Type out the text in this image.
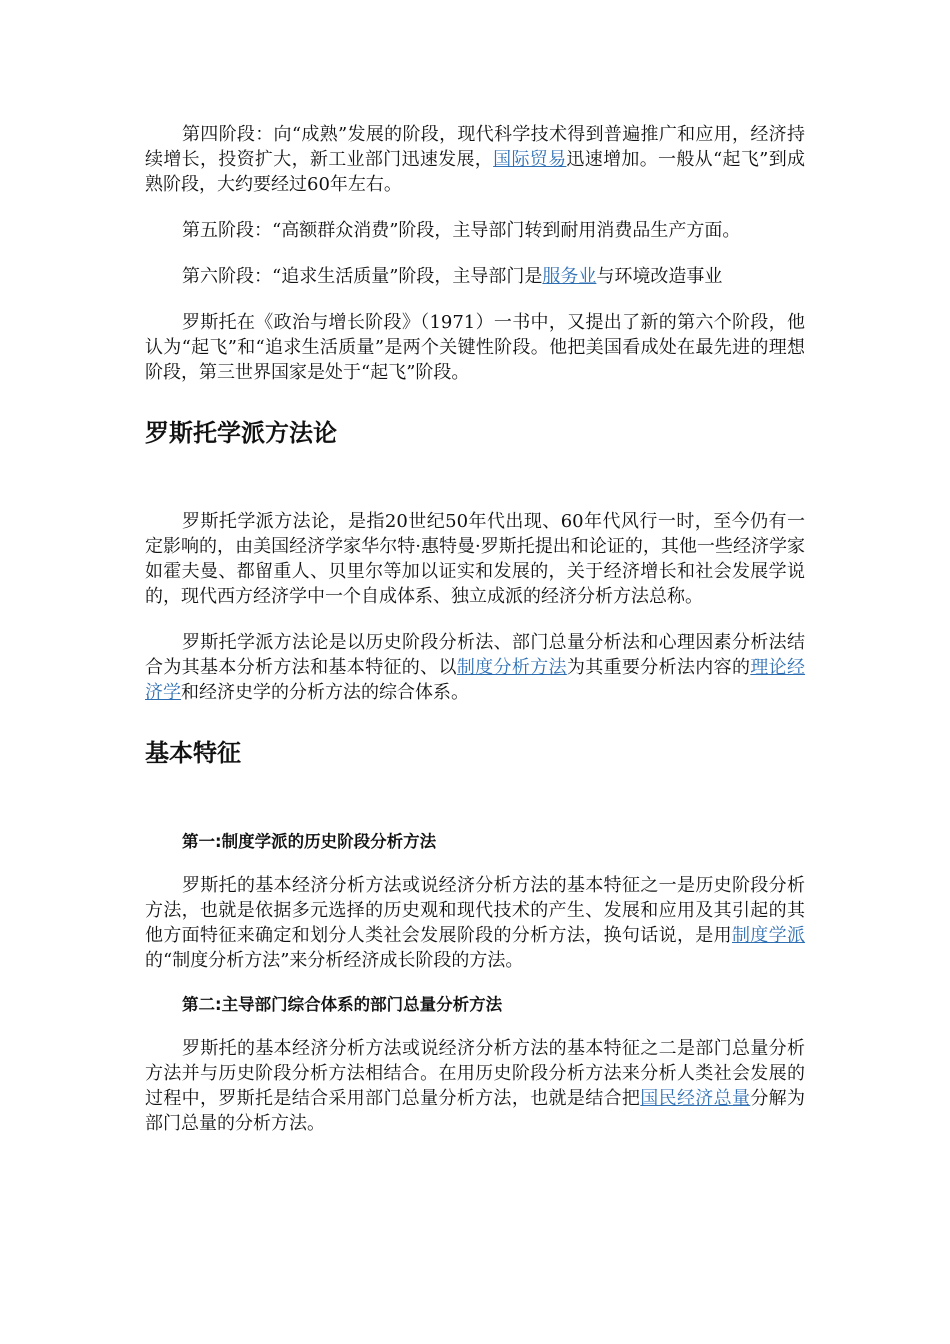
第四阶段：向“成熟”发展的阶段，现代科学技术得到普遍推广和应用，经济持续增长，投资扩大，新工业部门迅速发展，国际贸易迅速增加。一般从“起飞”到成熟阶段，大约要经过60年左右。

第五阶段：“高额群众消费”阶段，主导部门转到耐用消费品生产方面。

第六阶段：“追求生活质量”阶段，主导部门是服务业与环境改造事业

罗斯托在《政治与增长阶段》（1971）一书中，又提出了新的第六个阶段，他认为“起飞”和“追求生活质量”是两个关键性阶段。他把美国看成处在最先进的理想阶段，第三世界国家是处于“起飞”阶段。

罗斯托学派方法论

罗斯托学派方法论，是指20世纪50年代出现、60年代风行一时，至今仍有一定影响的，由美国经济学家华尔特·惠特曼·罗斯托提出和论证的，其他一些经济学家如霍夫曼、都留重人、贝里尔等加以证实和发展的，关于经济增长和社会发展学说的，现代西方经济学中一个自成体系、独立成派的经济分析方法总称。

罗斯托学派方法论是以历史阶段分析法、部门总量分析法和心理因素分析法结合为其基本分析方法和基本特征的、以制度分析方法为其重要分析法内容的理论经济学和经济史学的分析方法的综合体系。

基本特征
第一:制度学派的历史阶段分析方法

罗斯托的基本经济分析方法或说经济分析方法的基本特征之一是历史阶段分析方法，也就是依据多元选择的历史观和现代技术的产生、发展和应用及其引起的其他方面特征来确定和划分人类社会发展阶段的分析方法，换句话说，是用制度学派的“制度分析方法”来分析经济成长阶段的方法。

第二:主导部门综合体系的部门总量分析方法

罗斯托的基本经济分析方法或说经济分析方法的基本特征之二是部门总量分析方法并与历史阶段分析方法相结合。在用历史阶段分析方法来分析人类社会发展的过程中，罗斯托是结合采用部门总量分析方法，也就是结合把国民经济总量分解为部门总量的分析方法。
